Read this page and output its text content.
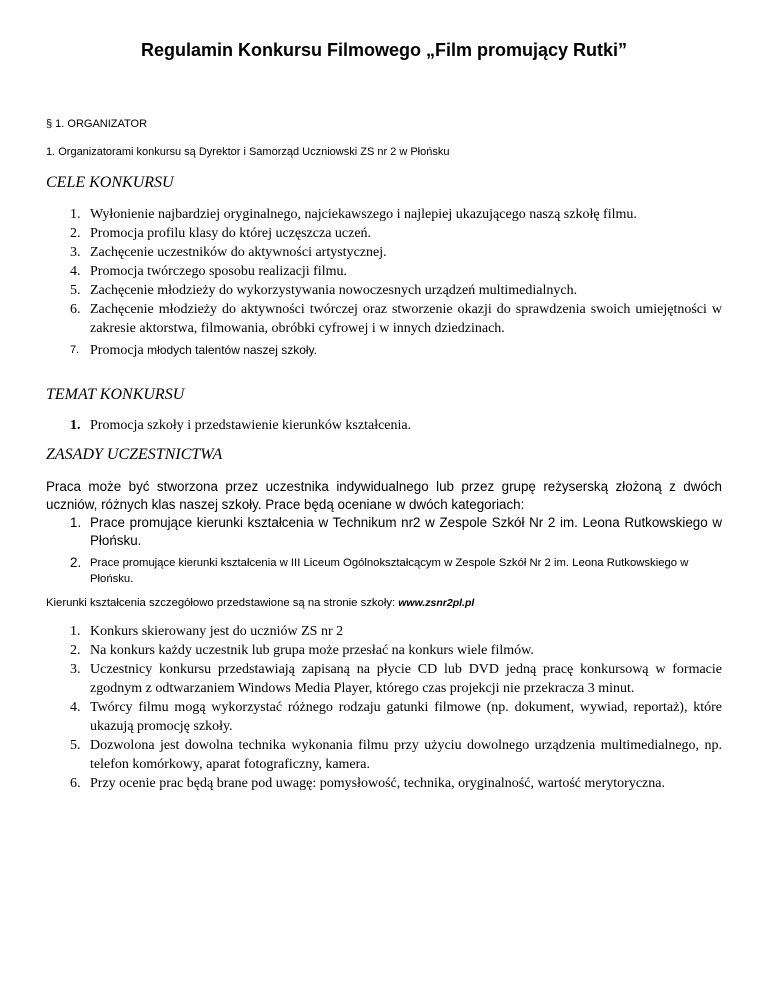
Regulamin Konkursu Filmowego „Film promujący Rutki”
§ 1. ORGANIZATOR
1. Organizatorami konkursu są Dyrektor i Samorząd Uczniowski ZS nr 2 w Płońsku
CELE KONKURSU
1. Wyłonienie najbardziej oryginalnego, najciekawszego i najlepiej ukazującego naszą szkołę filmu.
2. Promocja profilu klasy do której uczęszcza uczeń.
3. Zachęcenie uczestników do aktywności artystycznej.
4. Promocja twórczego sposobu realizacji filmu.
5. Zachęcenie młodzieży do wykorzystywania nowoczesnych urządzeń multimedialnych.
6. Zachęcenie młodzieży do aktywności twórczej oraz stworzenie okazji do sprawdzenia swoich umiejętności w zakresie aktorstwa, filmowania, obróbki cyfrowej i w innych dziedzinach.
7. Promocja młodych talentów naszej szkoły.
TEMAT KONKURSU
1. Promocja szkoły i przedstawienie kierunków kształcenia.
ZASADY UCZESTNICTWA
Praca może być stworzona przez uczestnika indywidualnego lub przez grupę reżyserską złożoną z dwóch uczniów, różnych klas naszej szkoły. Prace będą oceniane w dwóch kategoriach:
1. Prace promujące kierunki kształcenia w Technikum nr2 w Zespole Szkół Nr 2 im. Leona Rutkowskiego w Płońsku.
2. Prace promujące kierunki kształcenia w III Liceum Ogólnokształcącym w Zespole Szkół Nr 2 im. Leona Rutkowskiego w Płońsku.
Kierunki kształcenia szczegółowo przedstawione są na stronie szkoły: www.zsnr2pl.pl
1. Konkurs skierowany jest do uczniów ZS nr 2
2. Na konkurs każdy uczestnik lub grupa może przesłać na konkurs wiele filmów.
3. Uczestnicy konkursu przedstawiają zapisaną na płycie CD lub DVD jedną pracę konkursową w formacie zgodnym z odtwarzaniem Windows Media Player, którego czas projekcji nie przekracza 3 minut.
4. Twórcy filmu mogą wykorzystać różnego rodzaju gatunki filmowe (np. dokument, wywiad, reportaż), które ukazują promocję szkoły.
5. Dozwolona jest dowolna technika wykonania filmu przy użyciu dowolnego urządzenia multimedialnego, np. telefon komórkowy, aparat fotograficzny, kamera.
6. Przy ocenie prac będą brane pod uwagę: pomysłowość, technika, oryginalność, wartość merytoryczna.
